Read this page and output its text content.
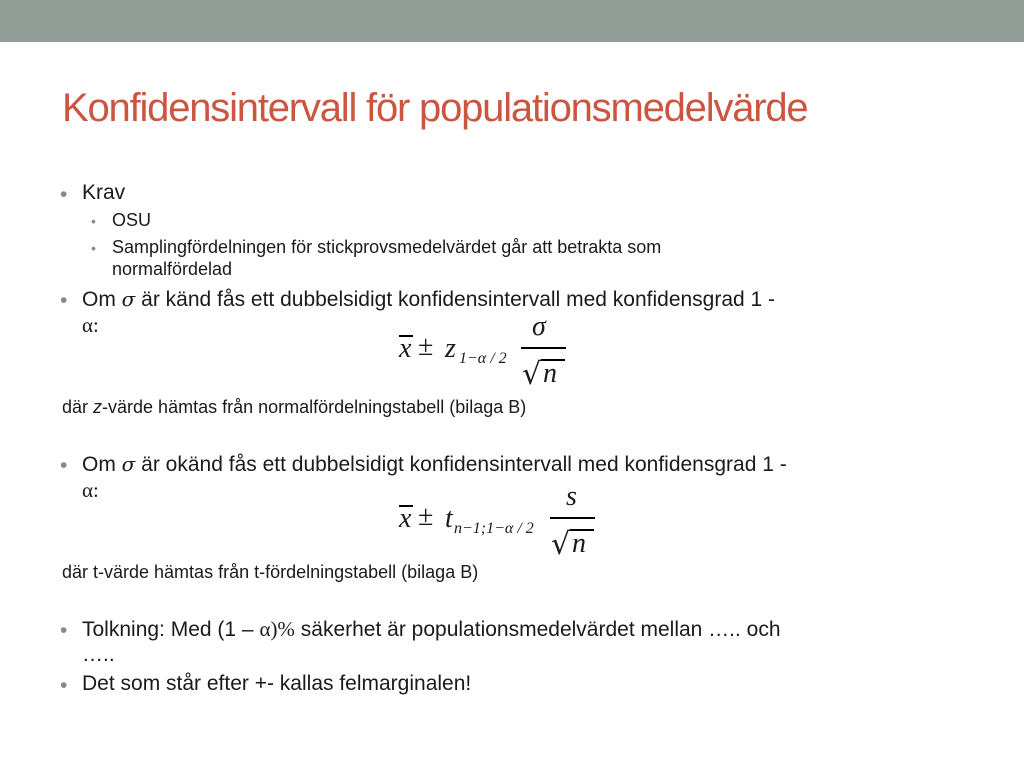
Konfidensintervall för populationsmedelvärde
• Krav
• OSU
• Samplingfördelningen för stickprovsmedelvärdet går att betrakta som
normalfördelad
• Om σ är känd fås ett dubbelsidigt konfidensintervall med konfidensgrad 1 -
α:
x ± z 1−α / 2
σ
√ n
där z-värde hämtas från normalfördelningstabell (bilaga B)
• Om σ är okänd fås ett dubbelsidigt konfidensintervall med konfidensgrad 1 -
α:
x ± t n−1;1−α / 2
s
√ n
där t-värde hämtas från t-fördelningstabell (bilaga B)
• Tolkning: Med (1 – α)% säkerhet är populationsmedelvärdet mellan ….. och
…..
• Det som står efter +- kallas felmarginalen!
